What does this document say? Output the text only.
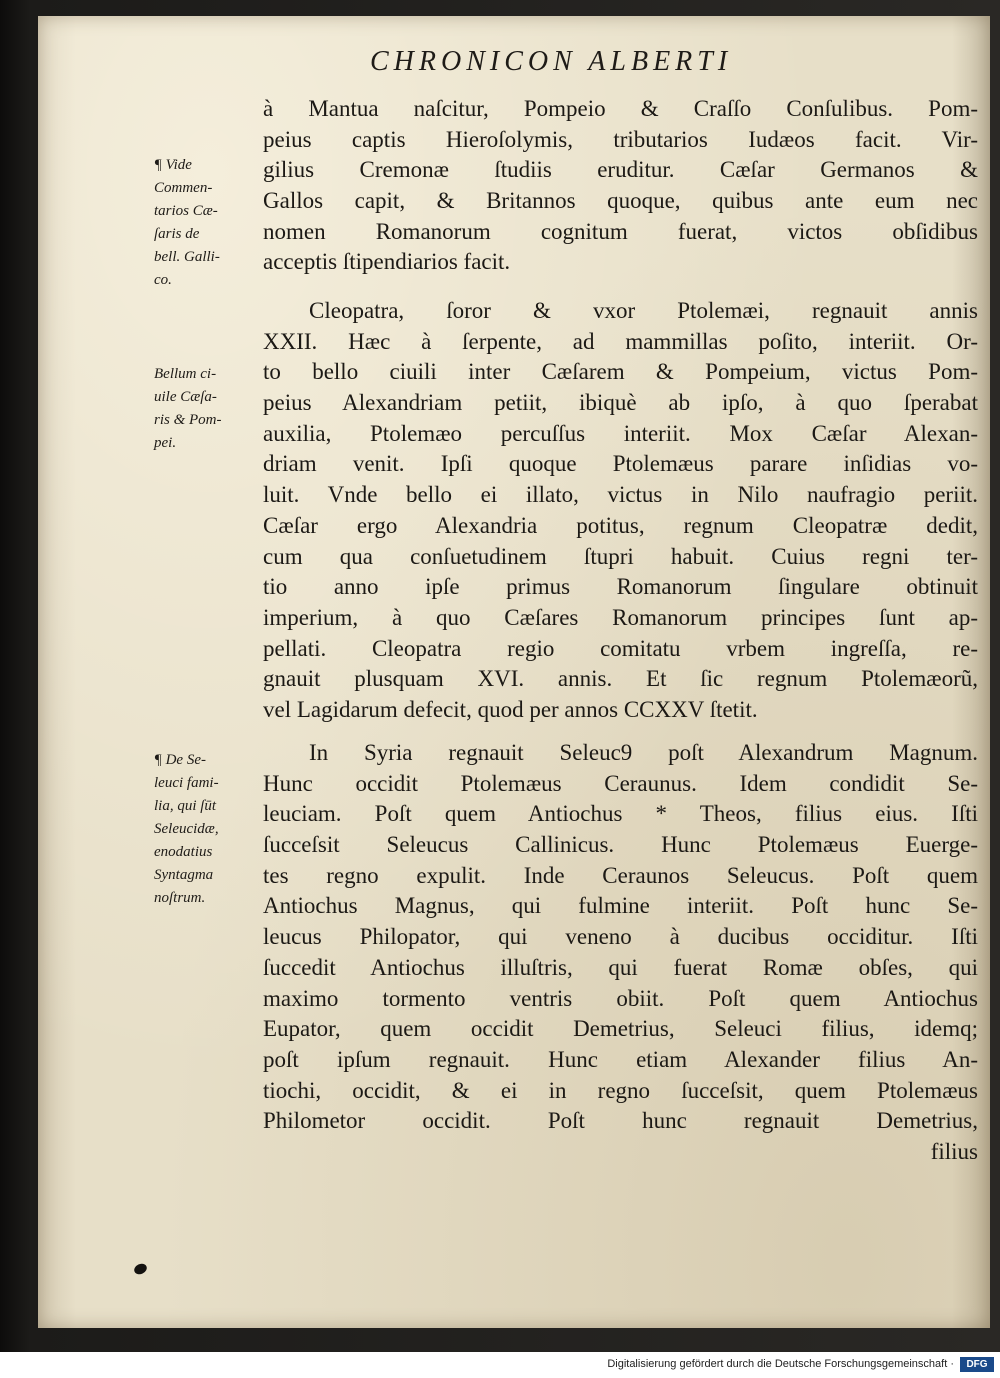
CHRONICON ALBERTI
¶ Vide
Commen-
tarios Cæ-
ſaris de
bell. Galli-
co.
Bellum ci-
uile Cæſa-
ris & Pom-
pei.
¶ De Se-
leuci fami-
lia, qui ſūt
Seleucidæ,
enodatius
Syntagma
noſtrum.
à Mantua naſcitur, Pompeio & Craſſo Conſulibus. Pom-
peius captis Hieroſolymis, tributarios Iudæos facit. Vir-
gilius Cremonæ ſtudiis eruditur. Cæſar Germanos &
Gallos capit, & Britannos quoque, quibus ante eum nec
nomen Romanorum cognitum fuerat, victos obſidibus
acceptis ſtipendiarios facit.
Cleopatra, ſoror & vxor Ptolemæi, regnauit annis
XXII. Hæc à ſerpente, ad mammillas poſito, interiit. Or-
to bello ciuili inter Cæſarem & Pompeium, victus Pom-
peius Alexandriam petiit, ibiquè ab ipſo, à quo ſperabat
auxilia, Ptolemæo percuſſus interiit. Mox Cæſar Alexan-
driam venit. Ipſi quoque Ptolemæus parare inſidias vo-
luit. Vnde bello ei illato, victus in Nilo naufragio periit.
Cæſar ergo Alexandria potitus, regnum Cleopatræ dedit,
cum qua conſuetudinem ſtupri habuit. Cuius regni ter-
tio anno ipſe primus Romanorum ſingulare obtinuit
imperium, à quo Cæſares Romanorum principes ſunt ap-
pellati. Cleopatra regio comitatu vrbem ingreſſa, re-
gnauit plusquam XVI. annis. Et ſic regnum Ptolemæorũ,
vel Lagidarum defecit, quod per annos CCXXV ſtetit.
In Syria regnauit Seleuc9 poſt Alexandrum Magnum.
Hunc occidit Ptolemæus Ceraunus. Idem condidit Se-
leuciam. Poſt quem Antiochus * Theos, filius eius. Iſti
ſucceſsit Seleucus Callinicus. Hunc Ptolemæus Euerge-
tes regno expulit. Inde Ceraunos Seleucus. Poſt quem
Antiochus Magnus, qui fulmine interiit. Poſt hunc Se-
leucus Philopator, qui veneno à ducibus occiditur. Iſti
ſuccedit Antiochus illuſtris, qui fuerat Romæ obſes, qui
maximo tormento ventris obiit. Poſt quem Antiochus
Eupator, quem occidit Demetrius, Seleuci filius, idemq;
poſt ipſum regnauit. Hunc etiam Alexander filius An-
tiochi, occidit, & ei in regno ſucceſsit, quem Ptolemæus
Philometor occidit. Poſt hunc regnauit Demetrius,
filius
Digitalisierung gefördert durch die Deutsche Forschungsgemeinschaft ·	DFG
